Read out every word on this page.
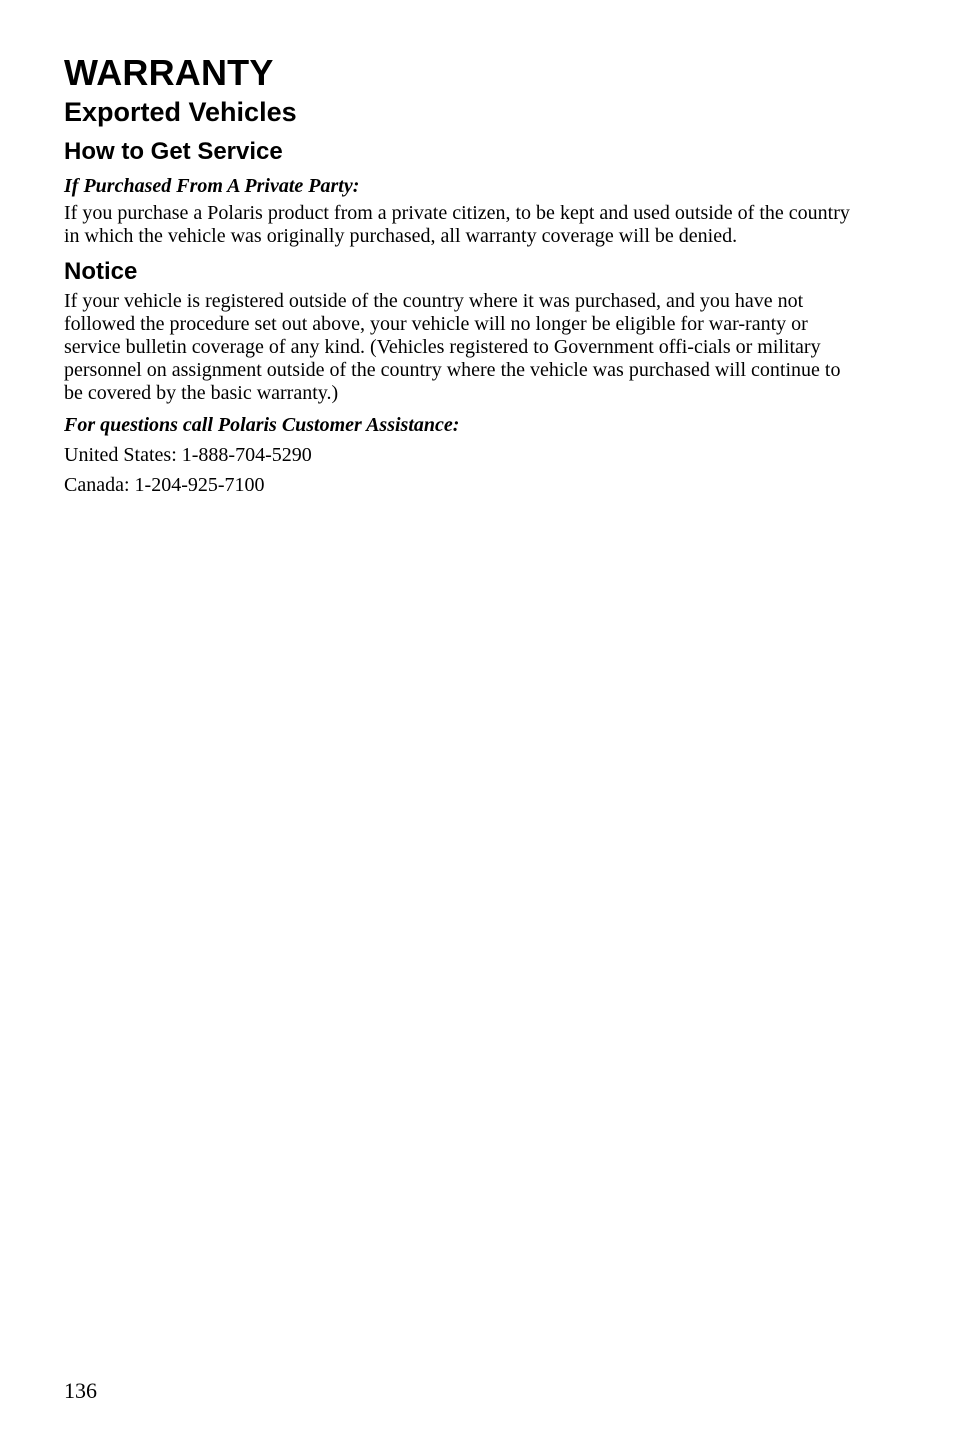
WARRANTY
Exported Vehicles
How to Get Service
If Purchased From A Private Party:

If you purchase a Polaris product from a private citizen, to be kept and used outside of the country in which the vehicle was originally purchased, all warranty coverage will be denied.

Notice

If your vehicle is registered outside of the country where it was purchased, and you have not followed the procedure set out above, your vehicle will no longer be eligible for war-ranty or service bulletin coverage of any kind. (Vehicles registered to Government offi-cials or military personnel on assignment outside of the country where the vehicle was purchased will continue to be covered by the basic warranty.)

For questions call Polaris Customer Assistance:
United States: 1-888-704-5290
Canada: 1-204-925-7100
136
